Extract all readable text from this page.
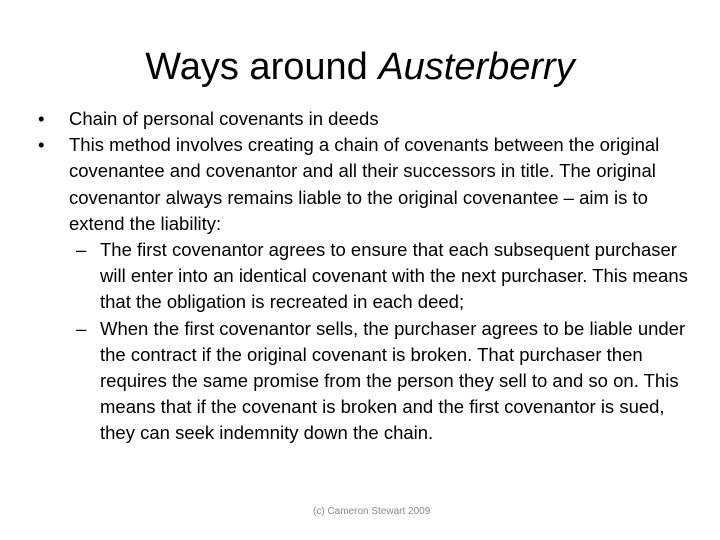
Ways around Austerberry
•	Chain of personal covenants in deeds
•	This method involves creating a chain of covenants between the original covenantee and covenantor and all their successors in title. The original covenantor always remains liable to the original covenantee – aim is to extend the liability:
– The first covenantor agrees to ensure that each subsequent purchaser will enter into an identical covenant with the next purchaser. This means that the obligation is recreated in each deed;
– When the first covenantor sells, the purchaser agrees to be liable under the contract if the original covenant is broken. That purchaser then requires the same promise from the person they sell to and so on. This means that if the covenant is broken and the first covenantor is sued, they can seek indemnity down the chain.
(c) Cameron Stewart 2009
